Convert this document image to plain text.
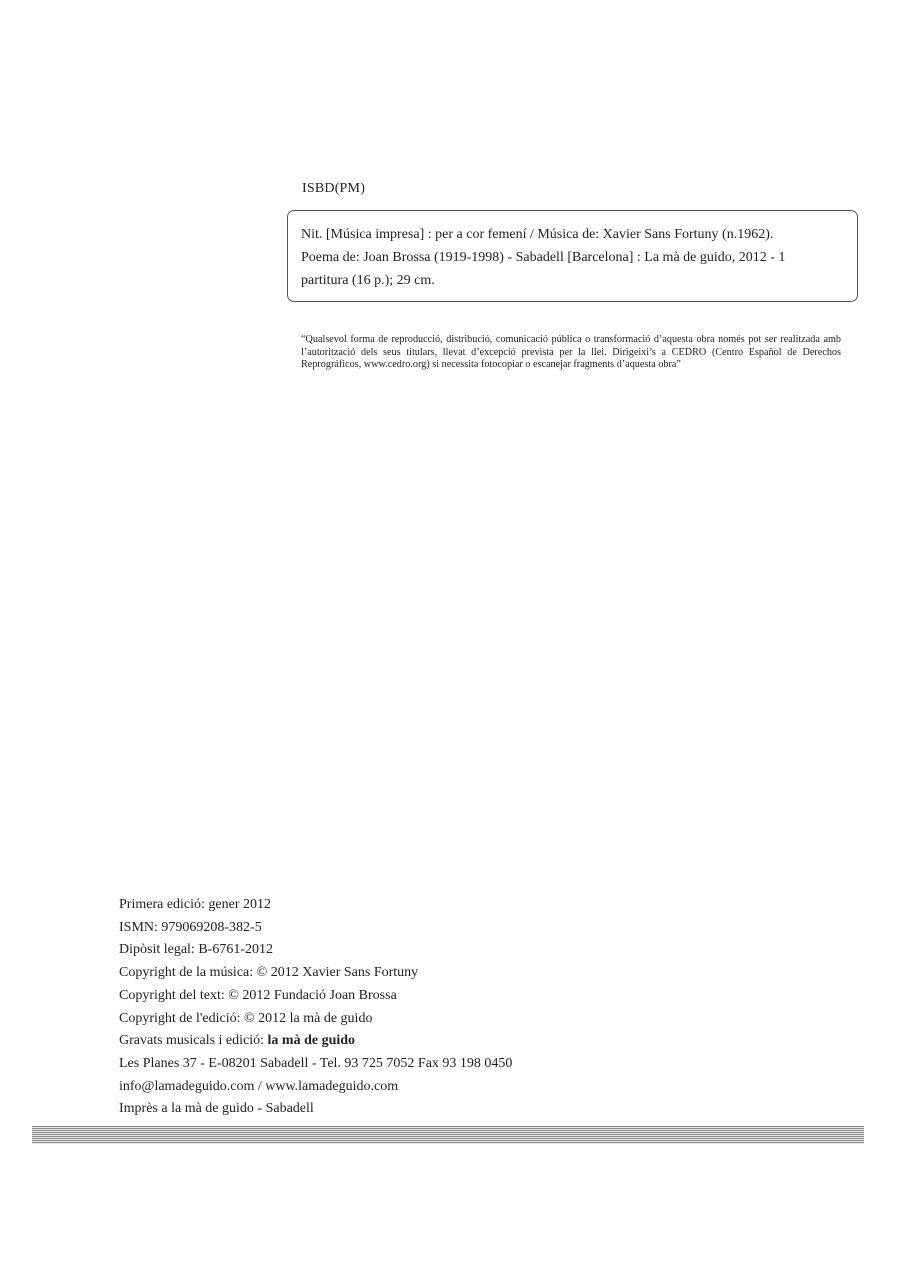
ISBD(PM)
Nit. [Música impresa] : per a cor femení / Música de: Xavier Sans Fortuny (n.1962).
Poema de: Joan Brossa (1919-1998) - Sabadell [Barcelona] : La mà de guido, 2012 - 1
partitura (16 p.); 29 cm.
“Qualsevol forma de reproducció, distribució, comunicació pública o transformació d’aquesta obra només pot ser realitzada amb l’autorització dels seus titulars, llevat d’excepció prevista per la llei. Dirigeixi’s a CEDRO (Centro Español de Derechos Reprográficos, www.cedro.org) si necessita fotocopiar o escanejar fragments d’aquesta obra”
Primera edició: gener 2012
ISMN: 979069208-382-5
Dipòsit legal: B-6761-2012
Copyright de la música: © 2012 Xavier Sans Fortuny
Copyright del text: © 2012 Fundació Joan Brossa
Copyright de l'edició: © 2012 la mà de guido
Gravats musicals i edició: la mà de guido
Les Planes 37 - E-08201 Sabadell - Tel. 93 725 7052 Fax 93 198 0450
info@lamadeguido.com / www.lamadeguido.com
Imprès a la mà de guido - Sabadell
